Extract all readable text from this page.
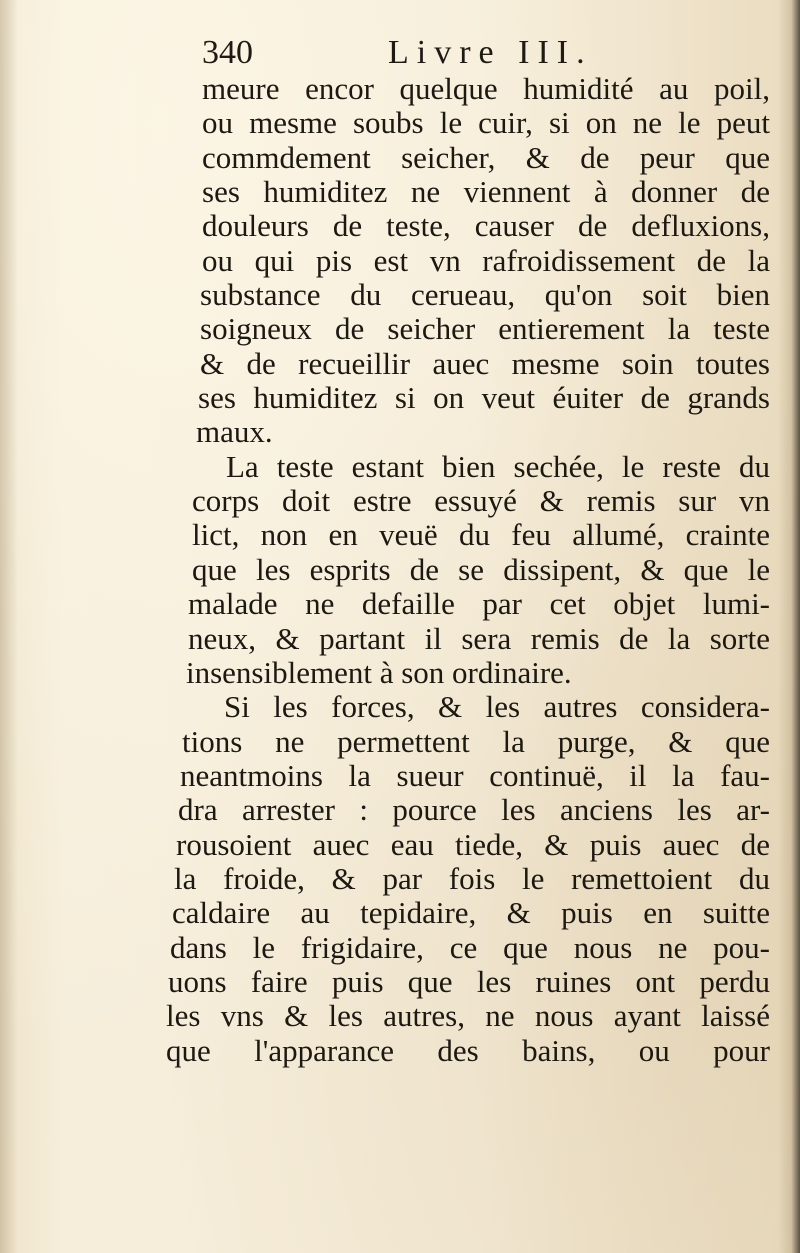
340	Livre III.
meure encor quelque humidité au poil,
ou mesme soubs le cuir, si on ne le peut
commdement seicher, & de peur que
ses humiditez ne viennent à donner de
douleurs de teste, causer de defluxions,
ou qui pis est vn rafroidissement de la
substance du cerueau, qu'on soit bien
soigneux de seicher entierement la teste
& de recueillir auec mesme soin toutes
ses humiditez si on veut éuiter de grands
maux.
La teste estant bien sechée, le reste du
corps doit estre essuyé & remis sur vn
lict, non en veuë du feu allumé, crainte
que les esprits de se dissipent, & que le
malade ne defaille par cet objet lumi-
neux, & partant il sera remis de la sorte
insensiblement à son ordinaire.
Si les forces, & les autres considera-
tions ne permettent la purge, & que
neantmoins la sueur continuë, il la fau-
dra arrester : pource les anciens les ar-
rousoient auec eau tiede, & puis auec de
la froide, & par fois le remettoient du
caldaire au tepidaire, & puis en suitte
dans le frigidaire, ce que nous ne pou-
uons faire puis que les ruines ont perdu
les vns & les autres, ne nous ayant laissé
que l'apparance des bains, ou pour
